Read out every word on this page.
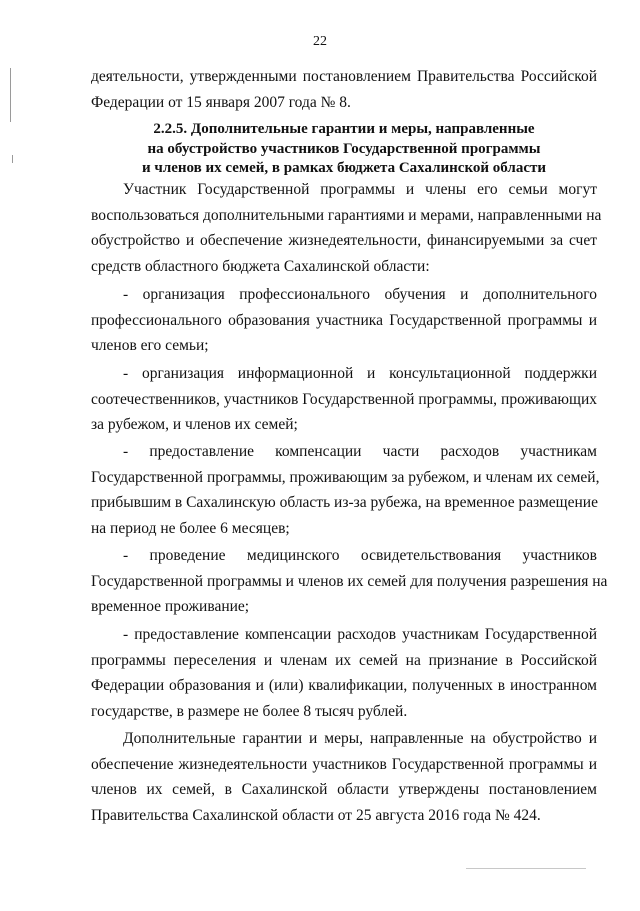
22
деятельности, утвержденными постановлением Правительства Российской
Федерации от 15 января 2007 года № 8.
2.2.5. Дополнительные гарантии и меры, направленные
на обустройство участников Государственной программы
и членов их семей, в рамках бюджета Сахалинской области
Участник Государственной программы и члены его семьи могут
воспользоваться дополнительными гарантиями и мерами, направленными на
обустройство и обеспечение жизнедеятельности, финансируемыми за счет
средств областного бюджета Сахалинской области:
- организация профессионального обучения и дополнительного
профессионального образования участника Государственной программы и
членов его семьи;
- организация информационной и консультационной поддержки
соотечественников, участников Государственной программы, проживающих
за рубежом, и членов их семей;
- предоставление компенсации части расходов участникам
Государственной программы, проживающим за рубежом, и членам их семей,
прибывшим в Сахалинскую область из-за рубежа, на временное размещение
на период не более 6 месяцев;
- проведение медицинского освидетельствования участников
Государственной программы и членов их семей для получения разрешения на
временное проживание;
- предоставление компенсации расходов участникам Государственной
программы переселения и членам их семей на признание в Российской
Федерации образования и (или) квалификации, полученных в иностранном
государстве, в размере не более 8 тысяч рублей.
Дополнительные гарантии и меры, направленные на обустройство и
обеспечение жизнедеятельности участников Государственной программы и
членов их семей, в Сахалинской области утверждены постановлением
Правительства Сахалинской области от 25 августа 2016 года № 424.
